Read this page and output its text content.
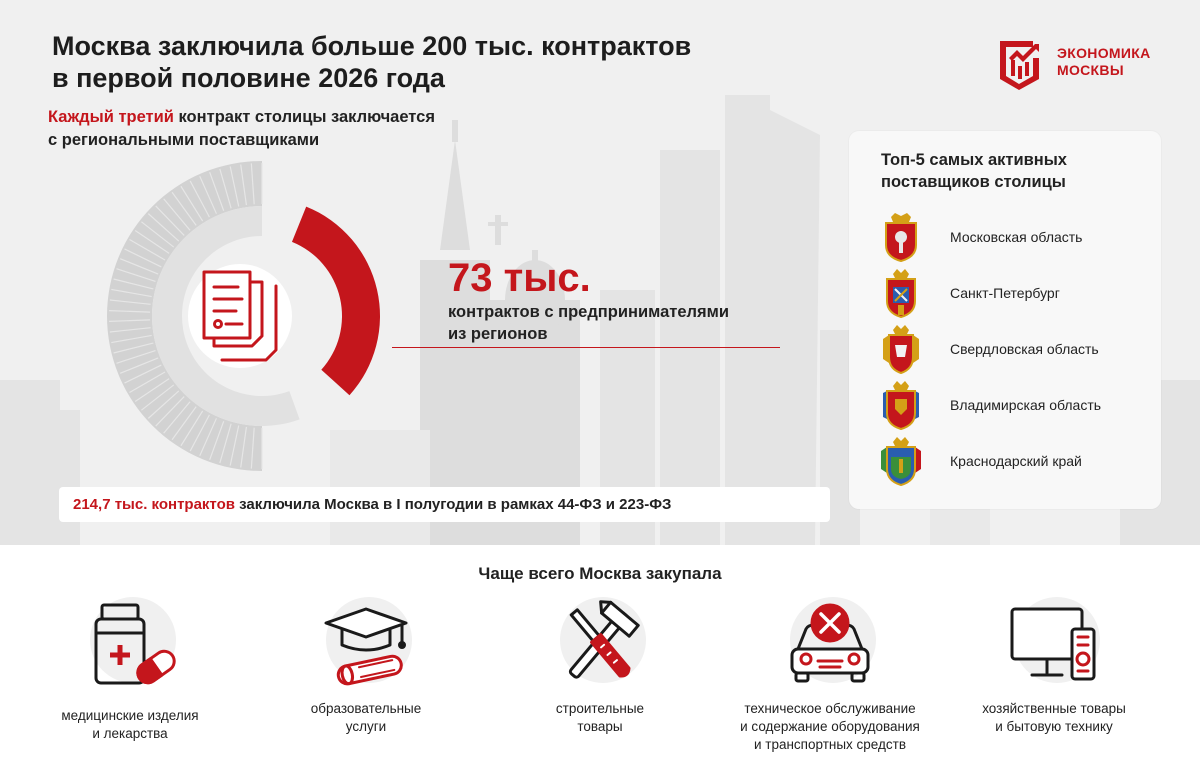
Москва заключила больше 200 тыс. контрактов
в первой половине 2026 года
Каждый третий контракт столицы заключается
с региональными поставщиками
ЭКОНОМИКА
МОСКВЫ
73 тыс.
контрактов с предпринимателями
из регионов
Топ-5 самых активных
поставщиков столицы
Московская область
Санкт-Петербург
Свердловская область
Владимирская область
Краснодарский край
214,7 тыс. контрактов заключила Москва в I полугодии в рамках 44-ФЗ и 223-ФЗ
Чаще всего Москва закупала
медицинские изделия
и лекарства
образовательные
услуги
строительные
товары
техническое обслуживание
и содержание оборудования
и транспортных средств
хозяйственные товары
и бытовую технику
